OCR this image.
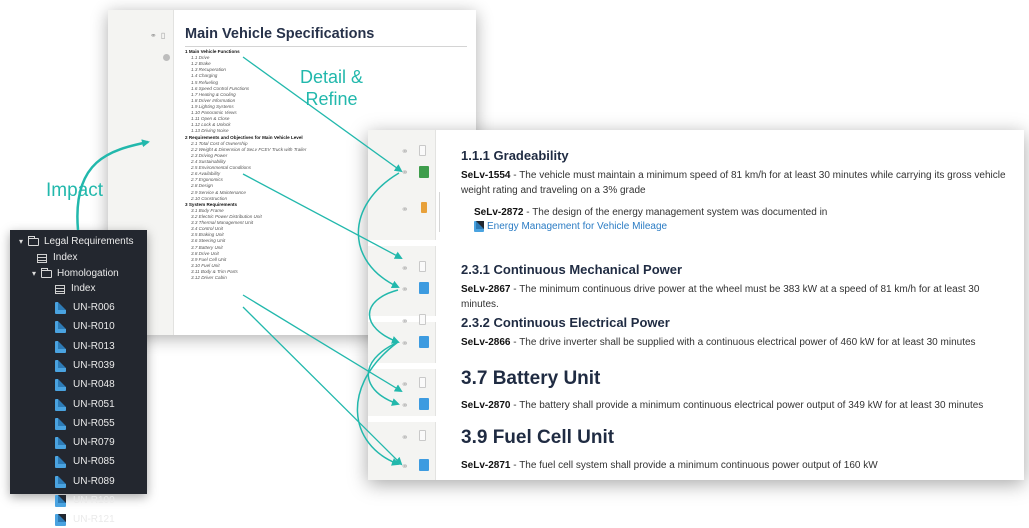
⚭ ▯ Main Vehicle Specifications
1 Main Vehicle Functions
1.1 Drive
1.2 Brake
1.3 Recuperation
1.4 Charging
1.5 Refueling
1.6 Speed Control Functions
1.7 Heating & Cooling
1.8 Driver Information
1.9 Lighting Systems
1.10 Panoramic Views
1.11 Open & Close
1.12 Lock & Unlock
1.13 Driving Noise
2 Requirements and Objectives for Main Vehicle Level
2.1 Total Cost of Ownership
2.2 Weight & Dimension of SeLv FCEV Truck with Trailer
2.3 Driving Power
2.4 Sustainability
2.5 Environmental Conditions
2.6 Availability
2.7 Ergonomics
2.8 Design
2.9 Service & Maintenance
2.10 Construction
3 System Requirements
3.1 Body Frame
3.2 Electric Power Distribution Unit
3.3 Thermal Management Unit
3.4 Control Unit
3.5 Braking Unit
3.6 Steering Unit
3.7 Battery Unit
3.8 Drive Unit
3.9 Fuel Cell Unit
3.10 Fuel Unit
3.11 Body & Trim Parts
3.12 Driver Cabin
▾	Legal Requirements
Index
▾	Homologation
Index
UN-R006
UN-R010
UN-R013
UN-R039
UN-R048
UN-R051
UN-R055
UN-R079
UN-R085
UN-R089
UN-R100
UN-R121
⚭
⚭
⚭
⚭
⚭
⚭
⚭
⚭
⚭
⚭
⚭
1.1.1 Gradeability
SeLv-1554 - The vehicle must maintain a minimum speed of 81 km/h for at least 30 minutes while carrying its gross vehicle weight rating and traveling on a 3% grade
SeLv-2872 - The design of the energy management system was documented in
Energy Management for Vehicle Mileage
2.3.1 Continuous Mechanical Power
SeLv-2867 - The minimum continuous drive power at the wheel must be 383 kW at a speed of 81 km/h for at least 30 minutes.
2.3.2 Continuous Electrical Power
SeLv-2866 - The drive inverter shall be supplied with a continuous electrical power of 460 kW for at least 30 minutes
3.7 Battery Unit
SeLv-2870 - The battery shall provide a minimum continuous electrical power output of 349 kW for at least 30 minutes
3.9 Fuel Cell Unit
SeLv-2871 - The fuel cell system shall provide a minimum continuous power output of 160 kW
Impact
Detail &
Refine
